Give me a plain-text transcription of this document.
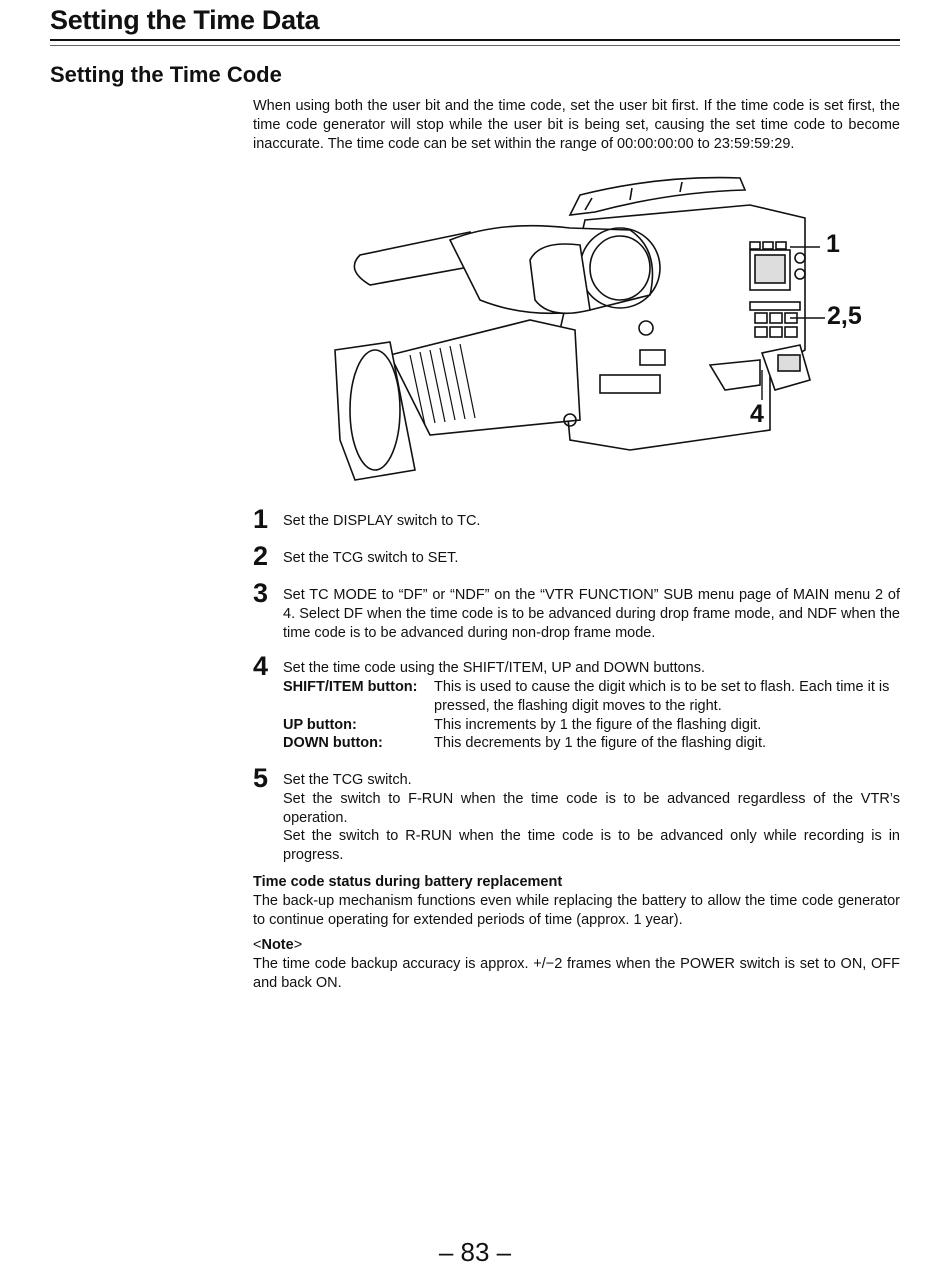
Setting the Time Data
Setting the Time Code

When using both the user bit and the time code, set the user bit first. If the time code is set first, the time code generator will stop while the user bit is being set, causing the set time code to become inaccurate. The time code can be set within the range of 00:00:00:00 to 23:59:59:29.

1
2,5
4
1 Set the DISPLAY switch to TC.
2 Set the TCG switch to SET.
3 Set TC MODE to “DF” or “NDF” on the “VTR FUNCTION” SUB menu page of MAIN menu 2 of 4. Select DF when the time code is to be advanced during drop frame mode, and NDF when the time code is to be advanced during non-drop frame mode.
4 Set the time code using the SHIFT/ITEM, UP and DOWN buttons.
SHIFT/ITEM button:	This is used to cause the digit which is to be set to flash. Each time it is pressed, the flashing digit moves to the right.
UP button:	This increments by 1 the figure of the flashing digit.
DOWN button:	This decrements by 1 the figure of the flashing digit.
5 Set the TCG switch.
Set the switch to F-RUN when the time code is to be advanced regardless of the VTR’s operation.
Set the switch to R-RUN when the time code is to be advanced only while recording is in progress.
Time code status during battery replacement
The back-up mechanism functions even while replacing the battery to allow the time code generator to continue operating for extended periods of time (approx. 1 year).
<Note>
The time code backup accuracy is approx. +/−2 frames when the POWER switch is set to ON, OFF and back ON.
– 83 –
